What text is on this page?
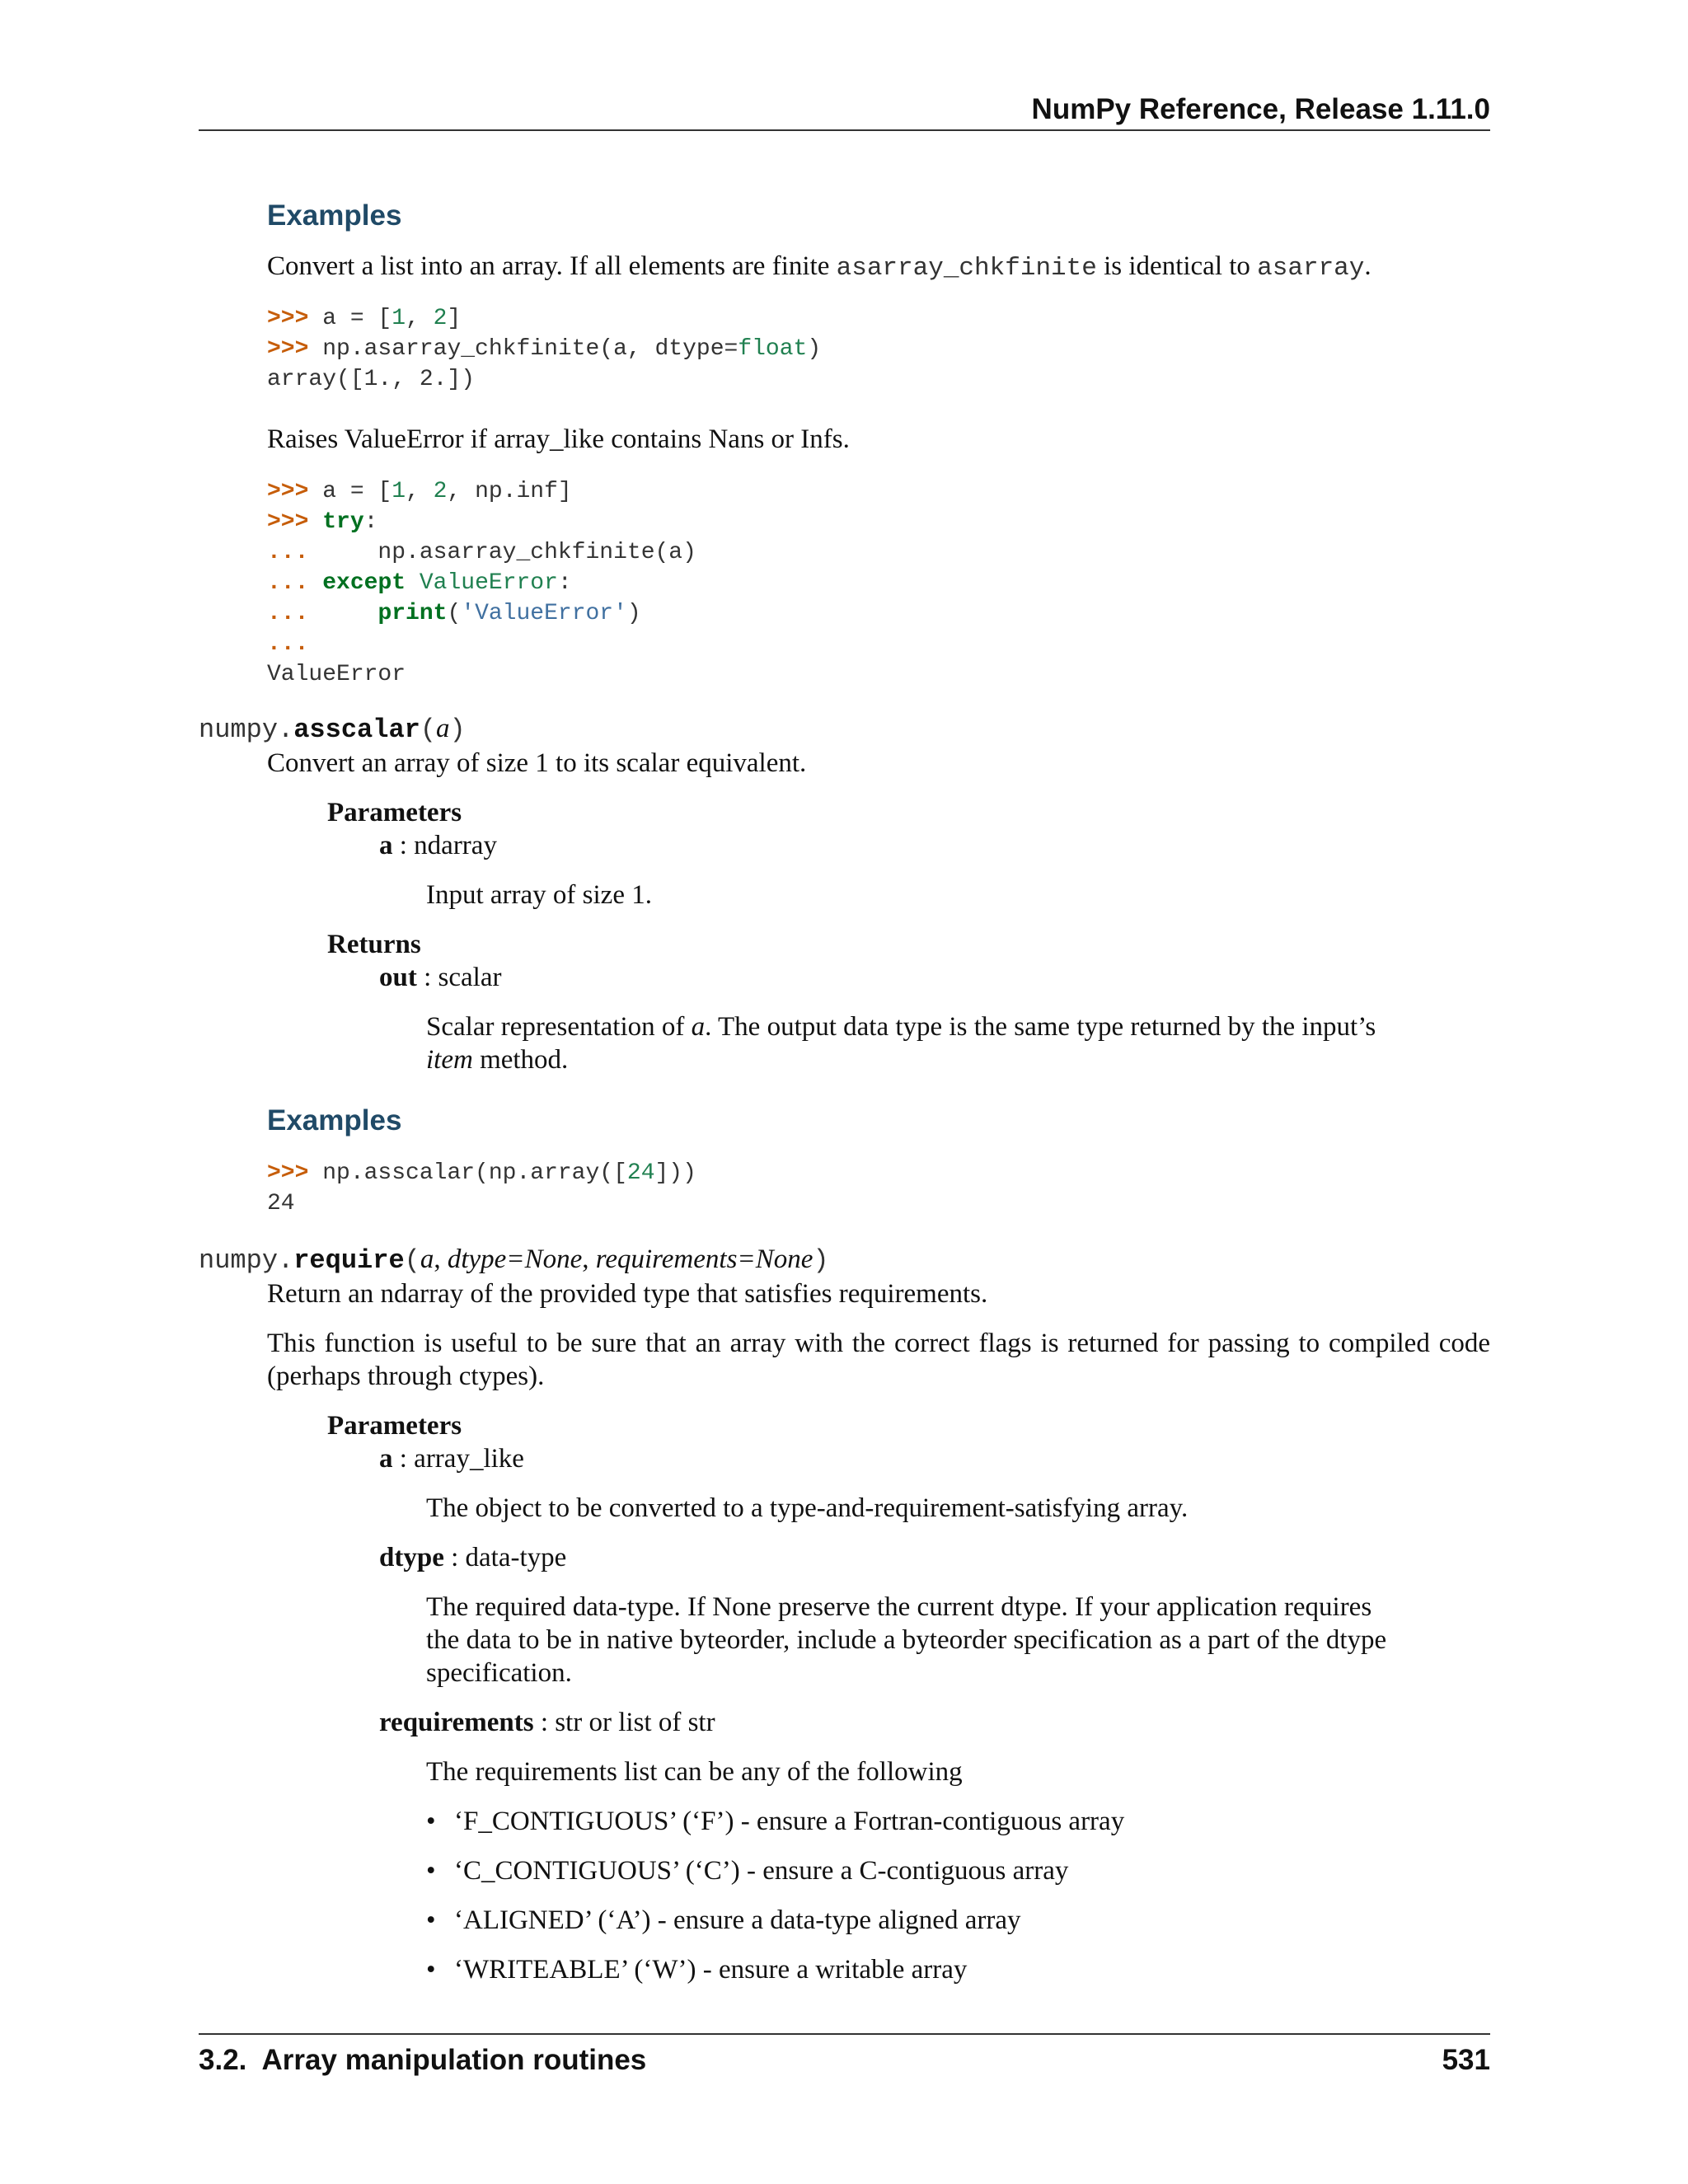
NumPy Reference, Release 1.11.0
Examples
Convert a list into an array. If all elements are finite asarray_chkfinite is identical to asarray.
>>> a = [1, 2]
>>> np.asarray_chkfinite(a, dtype=float)
array([1., 2.])
Raises ValueError if array_like contains Nans or Infs.
>>> a = [1, 2, np.inf]
>>> try:
...     np.asarray_chkfinite(a)
... except ValueError:
...	print('ValueError')
...
ValueError
numpy.asscalar(a)
Convert an array of size 1 to its scalar equivalent.
Parameters
a : ndarray
Input array of size 1.
Returns
out : scalar
Scalar representation of a. The output data type is the same type returned by the input’s
item method.
Examples
>>> np.asscalar(np.array([24]))
24
numpy.require(a, dtype=None, requirements=None)
Return an ndarray of the provided type that satisfies requirements.
This function is useful to be sure that an array with the correct flags is returned for passing to compiled code (perhaps through ctypes).
Parameters
a : array_like
The object to be converted to a type-and-requirement-satisfying array.
dtype : data-type
The required data-type. If None preserve the current dtype. If your application requires
the data to be in native byteorder, include a byteorder specification as a part of the dtype
specification.
requirements : str or list of str
The requirements list can be any of the following
• ‘F_CONTIGUOUS’ (‘F’) - ensure a Fortran-contiguous array
• ‘C_CONTIGUOUS’ (‘C’) - ensure a C-contiguous array
• ‘ALIGNED’ (‘A’) - ensure a data-type aligned array
• ‘WRITEABLE’ (‘W’) - ensure a writable array
3.2.  Array manipulation routines	531
